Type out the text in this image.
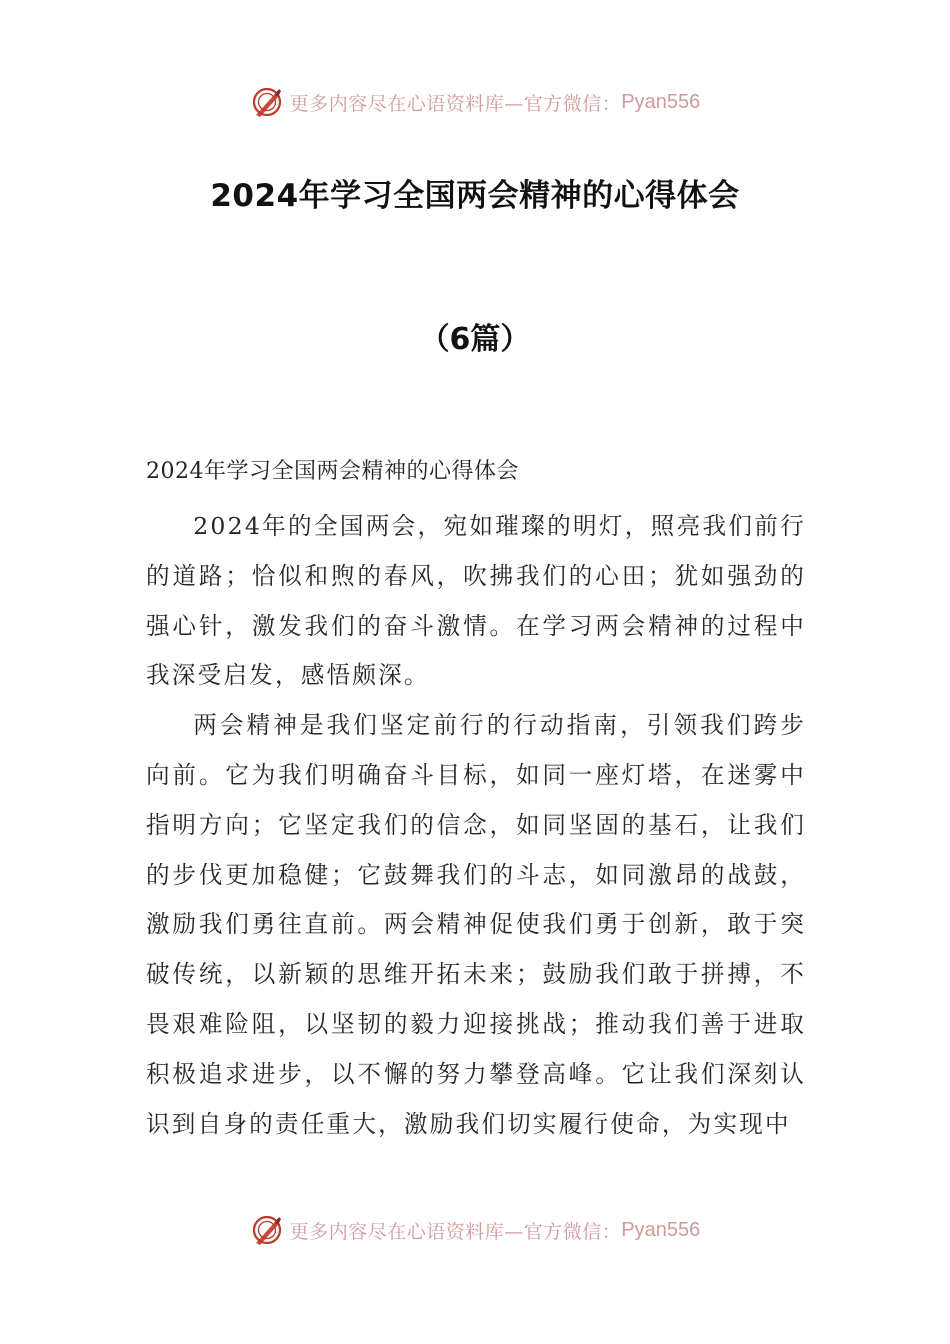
更多内容尽在心语资料库—官方微信： Pyan556
2024年学习全国两会精神的心得体会
（6篇）

2024年学习全国两会精神的心得体会

2024年的全国两会，宛如璀璨的明灯，照亮我们前行的道路；恰似和煦的春风，吹拂我们的心田；犹如强劲的强心针，激发我们的奋斗激情。在学习两会精神的过程中我深受启发，感悟颇深。

两会精神是我们坚定前行的行动指南，引领我们跨步向前。它为我们明确奋斗目标，如同一座灯塔，在迷雾中指明方向；它坚定我们的信念，如同坚固的基石，让我们的步伐更加稳健；它鼓舞我们的斗志，如同激昂的战鼓，激励我们勇往直前。两会精神促使我们勇于创新，敢于突破传统，以新颖的思维开拓未来；鼓励我们敢于拼搏，不畏艰难险阻，以坚韧的毅力迎接挑战；推动我们善于进取积极追求进步，以不懈的努力攀登高峰。它让我们深刻认识到自身的责任重大，激励我们切实履行使命，为实现中

更多内容尽在心语资料库—官方微信： Pyan556
